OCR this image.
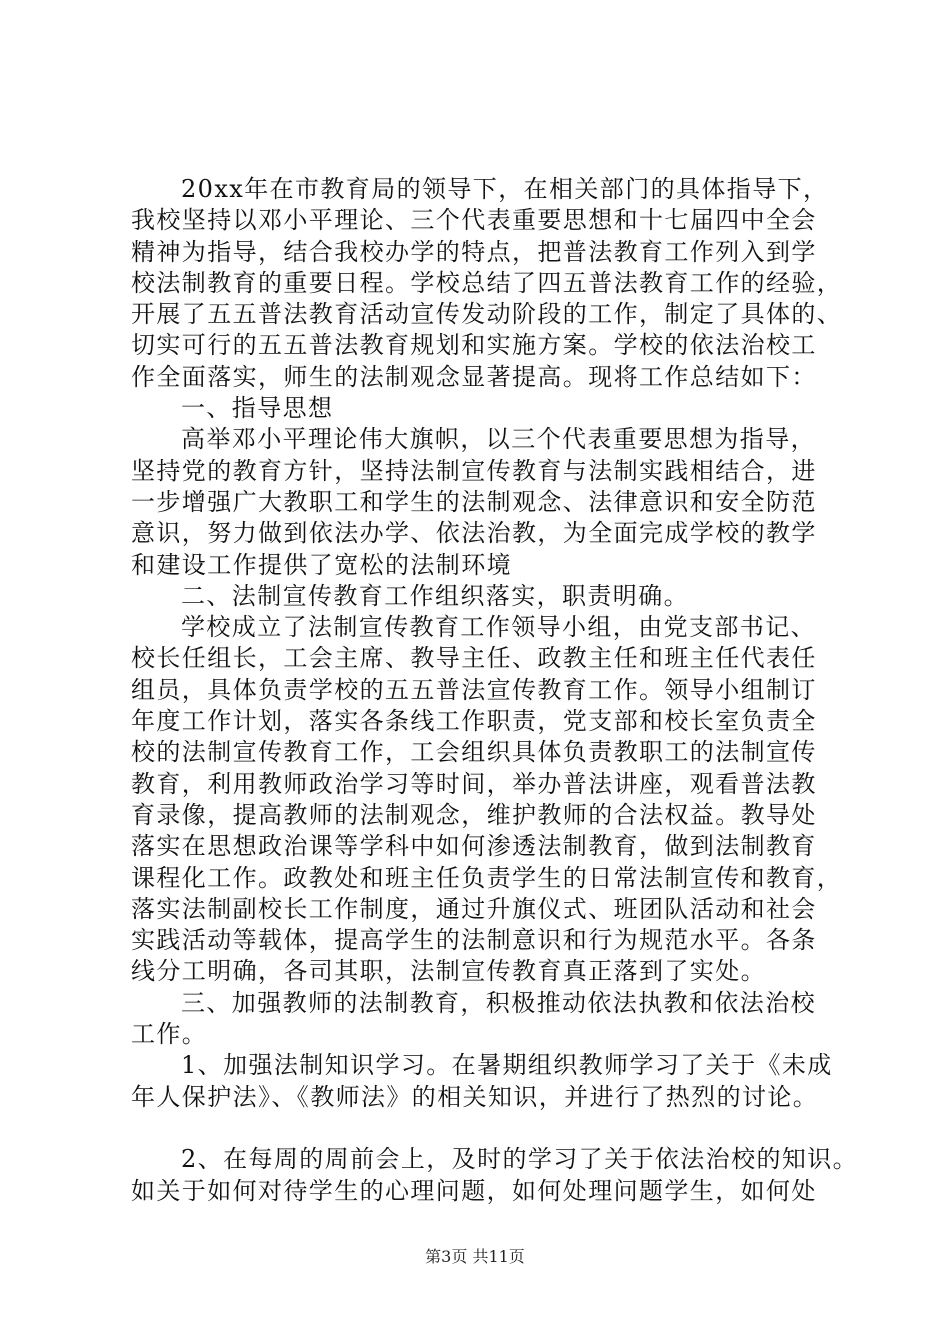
20xx年在市教育局的领导下，在相关部门的具体指导下，
我校坚持以邓小平理论、三个代表重要思想和十七届四中全会
精神为指导，结合我校办学的特点，把普法教育工作列入到学
校法制教育的重要日程。学校总结了四五普法教育工作的经验，
开展了五五普法教育活动宣传发动阶段的工作，制定了具体的、
切实可行的五五普法教育规划和实施方案。学校的依法治校工
作全面落实，师生的法制观念显著提高。现将工作总结如下：
一、指导思想
高举邓小平理论伟大旗帜，以三个代表重要思想为指导，
坚持党的教育方针，坚持法制宣传教育与法制实践相结合，进
一步增强广大教职工和学生的法制观念、法律意识和安全防范
意识，努力做到依法办学、依法治教，为全面完成学校的教学
和建设工作提供了宽松的法制环境
二、法制宣传教育工作组织落实，职责明确。
学校成立了法制宣传教育工作领导小组，由党支部书记、
校长任组长，工会主席、教导主任、政教主任和班主任代表任
组员，具体负责学校的五五普法宣传教育工作。领导小组制订
年度工作计划，落实各条线工作职责，党支部和校长室负责全
校的法制宣传教育工作，工会组织具体负责教职工的法制宣传
教育，利用教师政治学习等时间，举办普法讲座，观看普法教
育录像，提高教师的法制观念，维护教师的合法权益。教导处
落实在思想政治课等学科中如何渗透法制教育，做到法制教育
课程化工作。政教处和班主任负责学生的日常法制宣传和教育，
落实法制副校长工作制度，通过升旗仪式、班团队活动和社会
实践活动等载体，提高学生的法制意识和行为规范水平。各条
线分工明确，各司其职，法制宣传教育真正落到了实处。
三、加强教师的法制教育，积极推动依法执教和依法治校
工作。
1、加强法制知识学习。在暑期组织教师学习了关于《未成
年人保护法》、《教师法》的相关知识，并进行了热烈的讨论。
2、在每周的周前会上，及时的学习了关于依法治校的知识。
如关于如何对待学生的心理问题，如何处理问题学生，如何处
第3页 共11页
